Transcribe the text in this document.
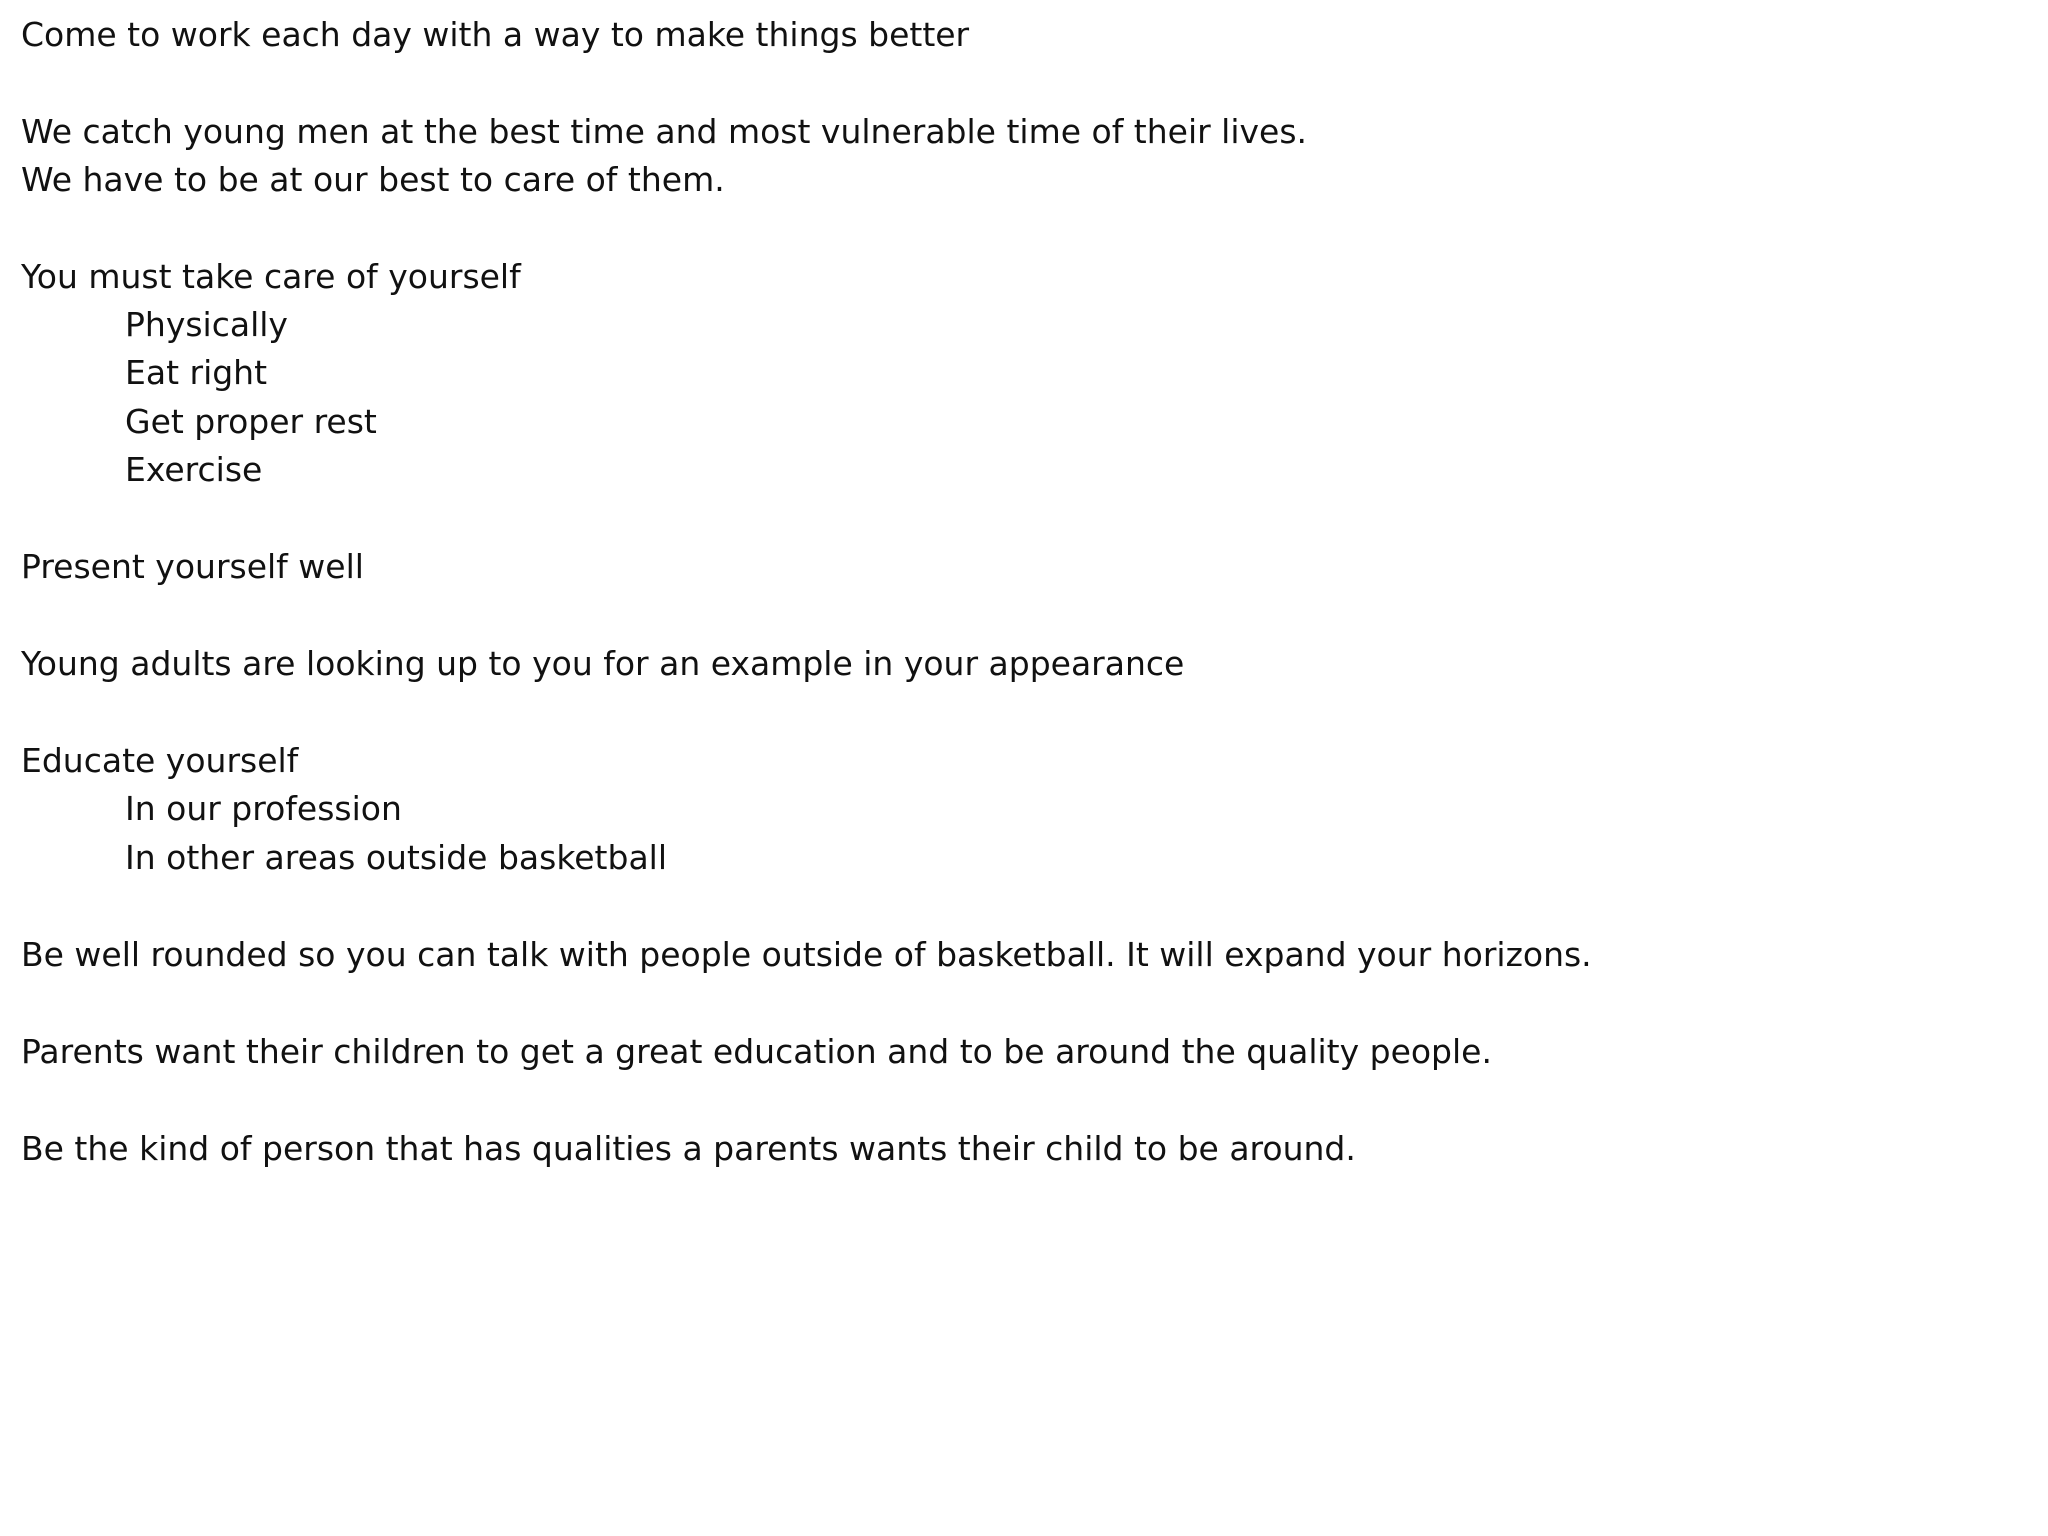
Come to work each day with a way to make things better
We catch young men at the best time and most vulnerable time of their lives.
We have to be at our best to care of them.
You must take care of yourself
Physically
Eat right
Get proper rest
Exercise
Present yourself well
Young adults are looking up to you for an example in your appearance
Educate yourself
In our profession
In other areas outside basketball
Be well rounded so you can talk with people outside of basketball. It will expand your horizons.
Parents want their children to get a great education and to be around the quality people.
Be the kind of person that has qualities a parents wants their child to be around.
